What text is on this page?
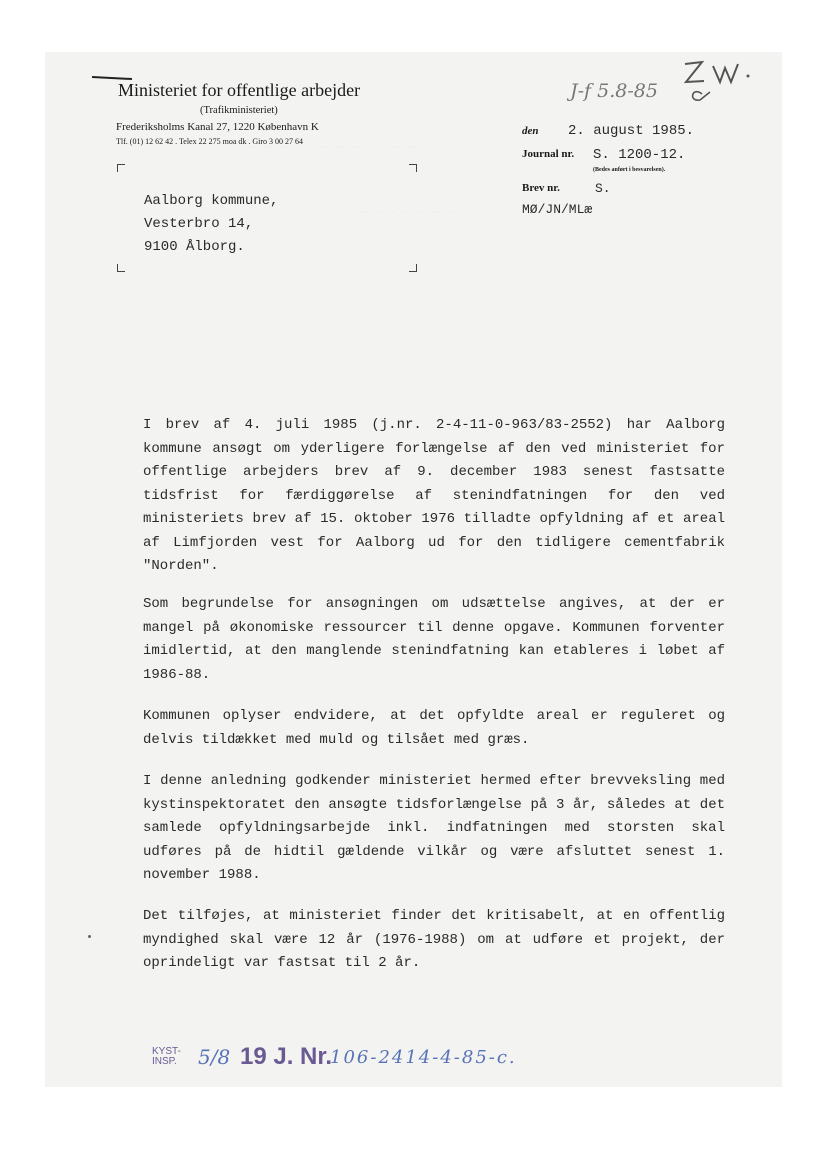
— — — — — — — — — — — —
— — — — — — —
Ministeriet for offentlige arbejder
(Trafikministeriet)
Frederiksholms Kanal 27, 1220 København K
Tlf. (01) 12 62 42 . Telex 22 275 moa dk . Giro 3 00 27 64
J-f 5.8-85
den 2. august 1985.
Journal nr. S. 1200-12.
(Bedes anført i besvarelsen).
Brev nr.	S.
MØ/JN/MLæ
Aalborg kommune,
Vesterbro 14,
9100 Ålborg.
I brev af 4. juli 1985 (j.nr. 2-4-11-0-963/83-2552) har Aalborg kommune ansøgt om yderligere forlængelse af den ved ministeriet for offentlige arbejders brev af 9. december 1983 senest fastsatte tidsfrist for færdiggørelse af stenindfatningen for den ved ministeriets brev af 15. oktober 1976 tilladte opfyldning af et areal af Limfjorden vest for Aalborg ud for den tidligere cementfabrik "Norden".
Som begrundelse for ansøgningen om udsættelse angives, at der er mangel på økonomiske ressourcer til denne opgave. Kommunen forventer imidlertid, at den manglende stenindfatning kan etableres i løbet af 1986-88.
Kommunen oplyser endvidere, at det opfyldte areal er reguleret og delvis tildækket med muld og tilsået med græs.
I denne anledning godkender ministeriet hermed efter brevveksling med kystinspektoratet den ansøgte tidsforlængelse på 3 år, således at det samlede opfyldningsarbejde inkl. indfatningen med storsten skal udføres på de hidtil gældende vilkår og være afsluttet senest 1. november 1988.
Det tilføjes, at ministeriet finder det kritisabelt, at en offentlig myndighed skal være 12 år (1976-1988) om at udføre et projekt, der oprindeligt var fastsat til 2 år.
KYST-
INSP. 5/8 19 J. Nr.
106-2414-4-85-c.
